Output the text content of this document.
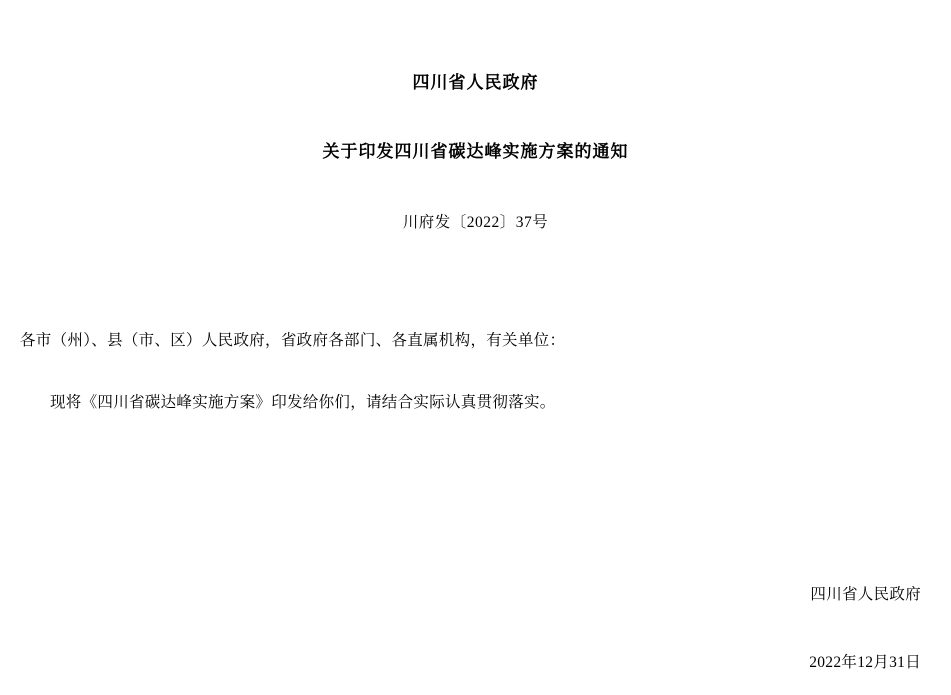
四川省人民政府
关于印发四川省碳达峰实施方案的通知
川府发〔2022〕37号
各市（州）、县（市、区）人民政府，省政府各部门、各直属机构，有关单位：
现将《四川省碳达峰实施方案》印发给你们，请结合实际认真贯彻落实。
四川省人民政府
2022年12月31日
